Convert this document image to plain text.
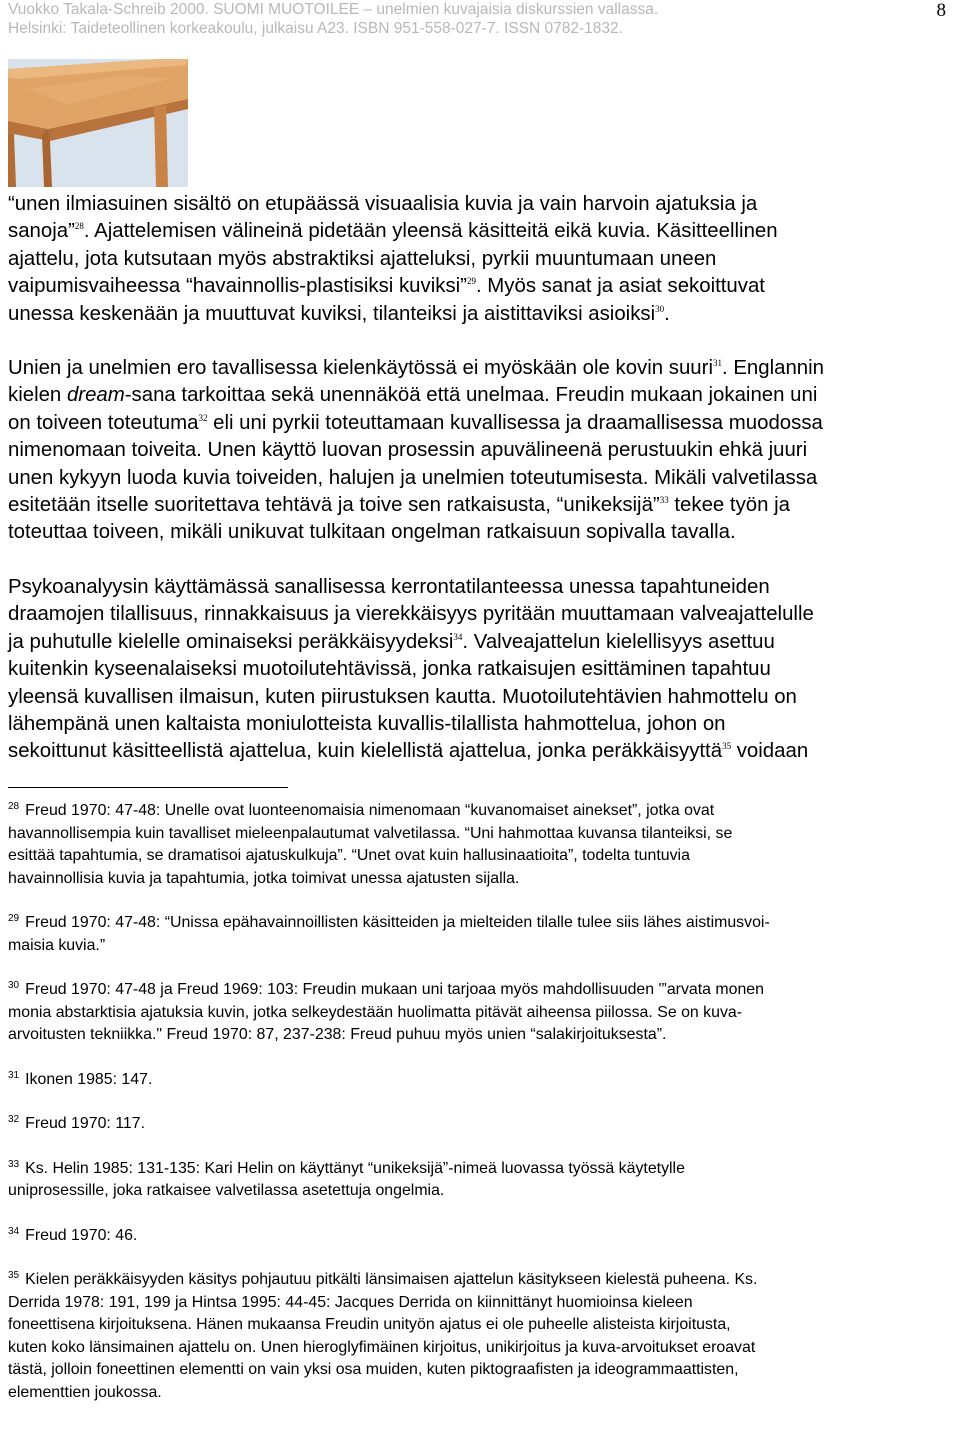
Vuokko Takala-Schreib 2000. SUOMI MUOTOILEE – unelmien kuvajaisia diskurssien vallassa.
Helsinki: Taideteollinen korkeakoulu, julkaisu A23. ISBN 951-558-027-7. ISSN 0782-1832.
8

“unen ilmiasuinen sisältö on etupäässä visuaalisia kuvia ja vain harvoin ajatuksia ja

sanoja”$^{28}$. Ajattelemisen välineinä pidetään yleensä käsitteitä eikä kuvia. Käsitteellinen

ajattelu, jota kutsutaan myös abstraktiksi ajatteluksi, pyrkii muuntumaan uneen

vaipumisvaiheessa “havainnollis-plastisiksi kuviksi”$^{29}$. Myös sanat ja asiat sekoittuvat

unessa keskenään ja muuttuvat kuviksi, tilanteiksi ja aistittaviksi asioiksi$^{30}$.

Unien ja unelmien ero tavallisessa kielenkäytössä ei myöskään ole kovin suuri$^{31}$. Englannin

kielen dream-sana tarkoittaa sekä unennäköä että unelmaa. Freudin mukaan jokainen uni

on toiveen toteutuma$^{32}$ eli uni pyrkii toteuttamaan kuvallisessa ja draamallisessa muodossa

nimenomaan toiveita. Unen käyttö luovan prosessin apuvälineenä perustuukin ehkä juuri

unen kykyyn luoda kuvia toiveiden, halujen ja unelmien toteutumisesta. Mikäli valvetilassa

esitetään itselle suoritettava tehtävä ja toive sen ratkaisusta, “unikeksijä”$^{33}$ tekee työn ja

toteuttaa toiveen, mikäli unikuvat tulkitaan ongelman ratkaisuun sopivalla tavalla.

Psykoanalyysin käyttämässä sanallisessa kerrontatilanteessa unessa tapahtuneiden

draamojen tilallisuus, rinnakkaisuus ja vierekkäisyys pyritään muuttamaan valveajattelulle

ja puhutulle kielelle ominaiseksi peräkkäisyydeksi$^{34}$. Valveajattelun kielellisyys asettuu

kuitenkin kyseenalaiseksi muotoilutehtävissä, jonka ratkaisujen esittäminen tapahtuu

yleensä kuvallisen ilmaisun, kuten piirustuksen kautta. Muotoilutehtävien hahmottelu on

lähempänä unen kaltaista moniulotteista kuvallis-tilallista hahmottelua, johon on

sekoittunut käsitteellistä ajattelua, kuin kielellistä ajattelua, jonka peräkkäisyyttä$^{35}$ voidaan

$^{28}$ Freud 1970: 47-48: Unelle ovat luonteenomaisia nimenomaan “kuvanomaiset ainekset”, jotka ovat

havannollisempia kuin tavalliset mieleenpalautumat valvetilassa. “Uni hahmottaa kuvansa tilanteiksi, se

esittää tapahtumia, se dramatisoi ajatuskulkuja”. “Unet ovat kuin hallusinaatioita”, todelta tuntuvia

havainnollisia kuvia ja tapahtumia, jotka toimivat unessa ajatusten sijalla.

$^{29}$ Freud 1970: 47-48: “Unissa epähavainnoillisten käsitteiden ja mielteiden tilalle tulee siis lähes aistimusvoi-

maisia kuvia.”

$^{30}$ Freud 1970: 47-48 ja Freud 1969: 103: Freudin mukaan uni tarjoaa myös mahdollisuuden '”arvata monen

monia abstarktisia ajatuksia kuvin, jotka selkeydestään huolimatta pitävät aiheensa piilossa. Se on kuva-

arvoitusten tekniikka." Freud 1970: 87, 237-238: Freud puhuu myös unien “salakirjoituksesta”.

$^{31}$ Ikonen 1985: 147.

$^{32}$ Freud 1970: 117.

$^{33}$ Ks. Helin 1985: 131-135: Kari Helin on käyttänyt “unikeksijä”-nimeä luovassa työssä käytetylle

uniprosessille, joka ratkaisee valvetilassa asetettuja ongelmia.

$^{34}$ Freud 1970: 46.

$^{35}$ Kielen peräkkäisyyden käsitys pohjautuu pitkälti länsimaisen ajattelun käsitykseen kielestä puheena. Ks.

Derrida 1978: 191, 199 ja Hintsa 1995: 44-45: Jacques Derrida on kiinnittänyt huomioinsa kieleen

foneettisena kirjoituksena. Hänen mukaansa Freudin unityön ajatus ei ole puheelle alisteista kirjoitusta,

kuten koko länsimainen ajattelu on. Unen hieroglyfimäinen kirjoitus, unikirjoitus ja kuva-arvoitukset eroavat

tästä, jolloin foneettinen elementti on vain yksi osa muiden, kuten piktograafisten ja ideogrammaattisten,

elementtien joukossa.
